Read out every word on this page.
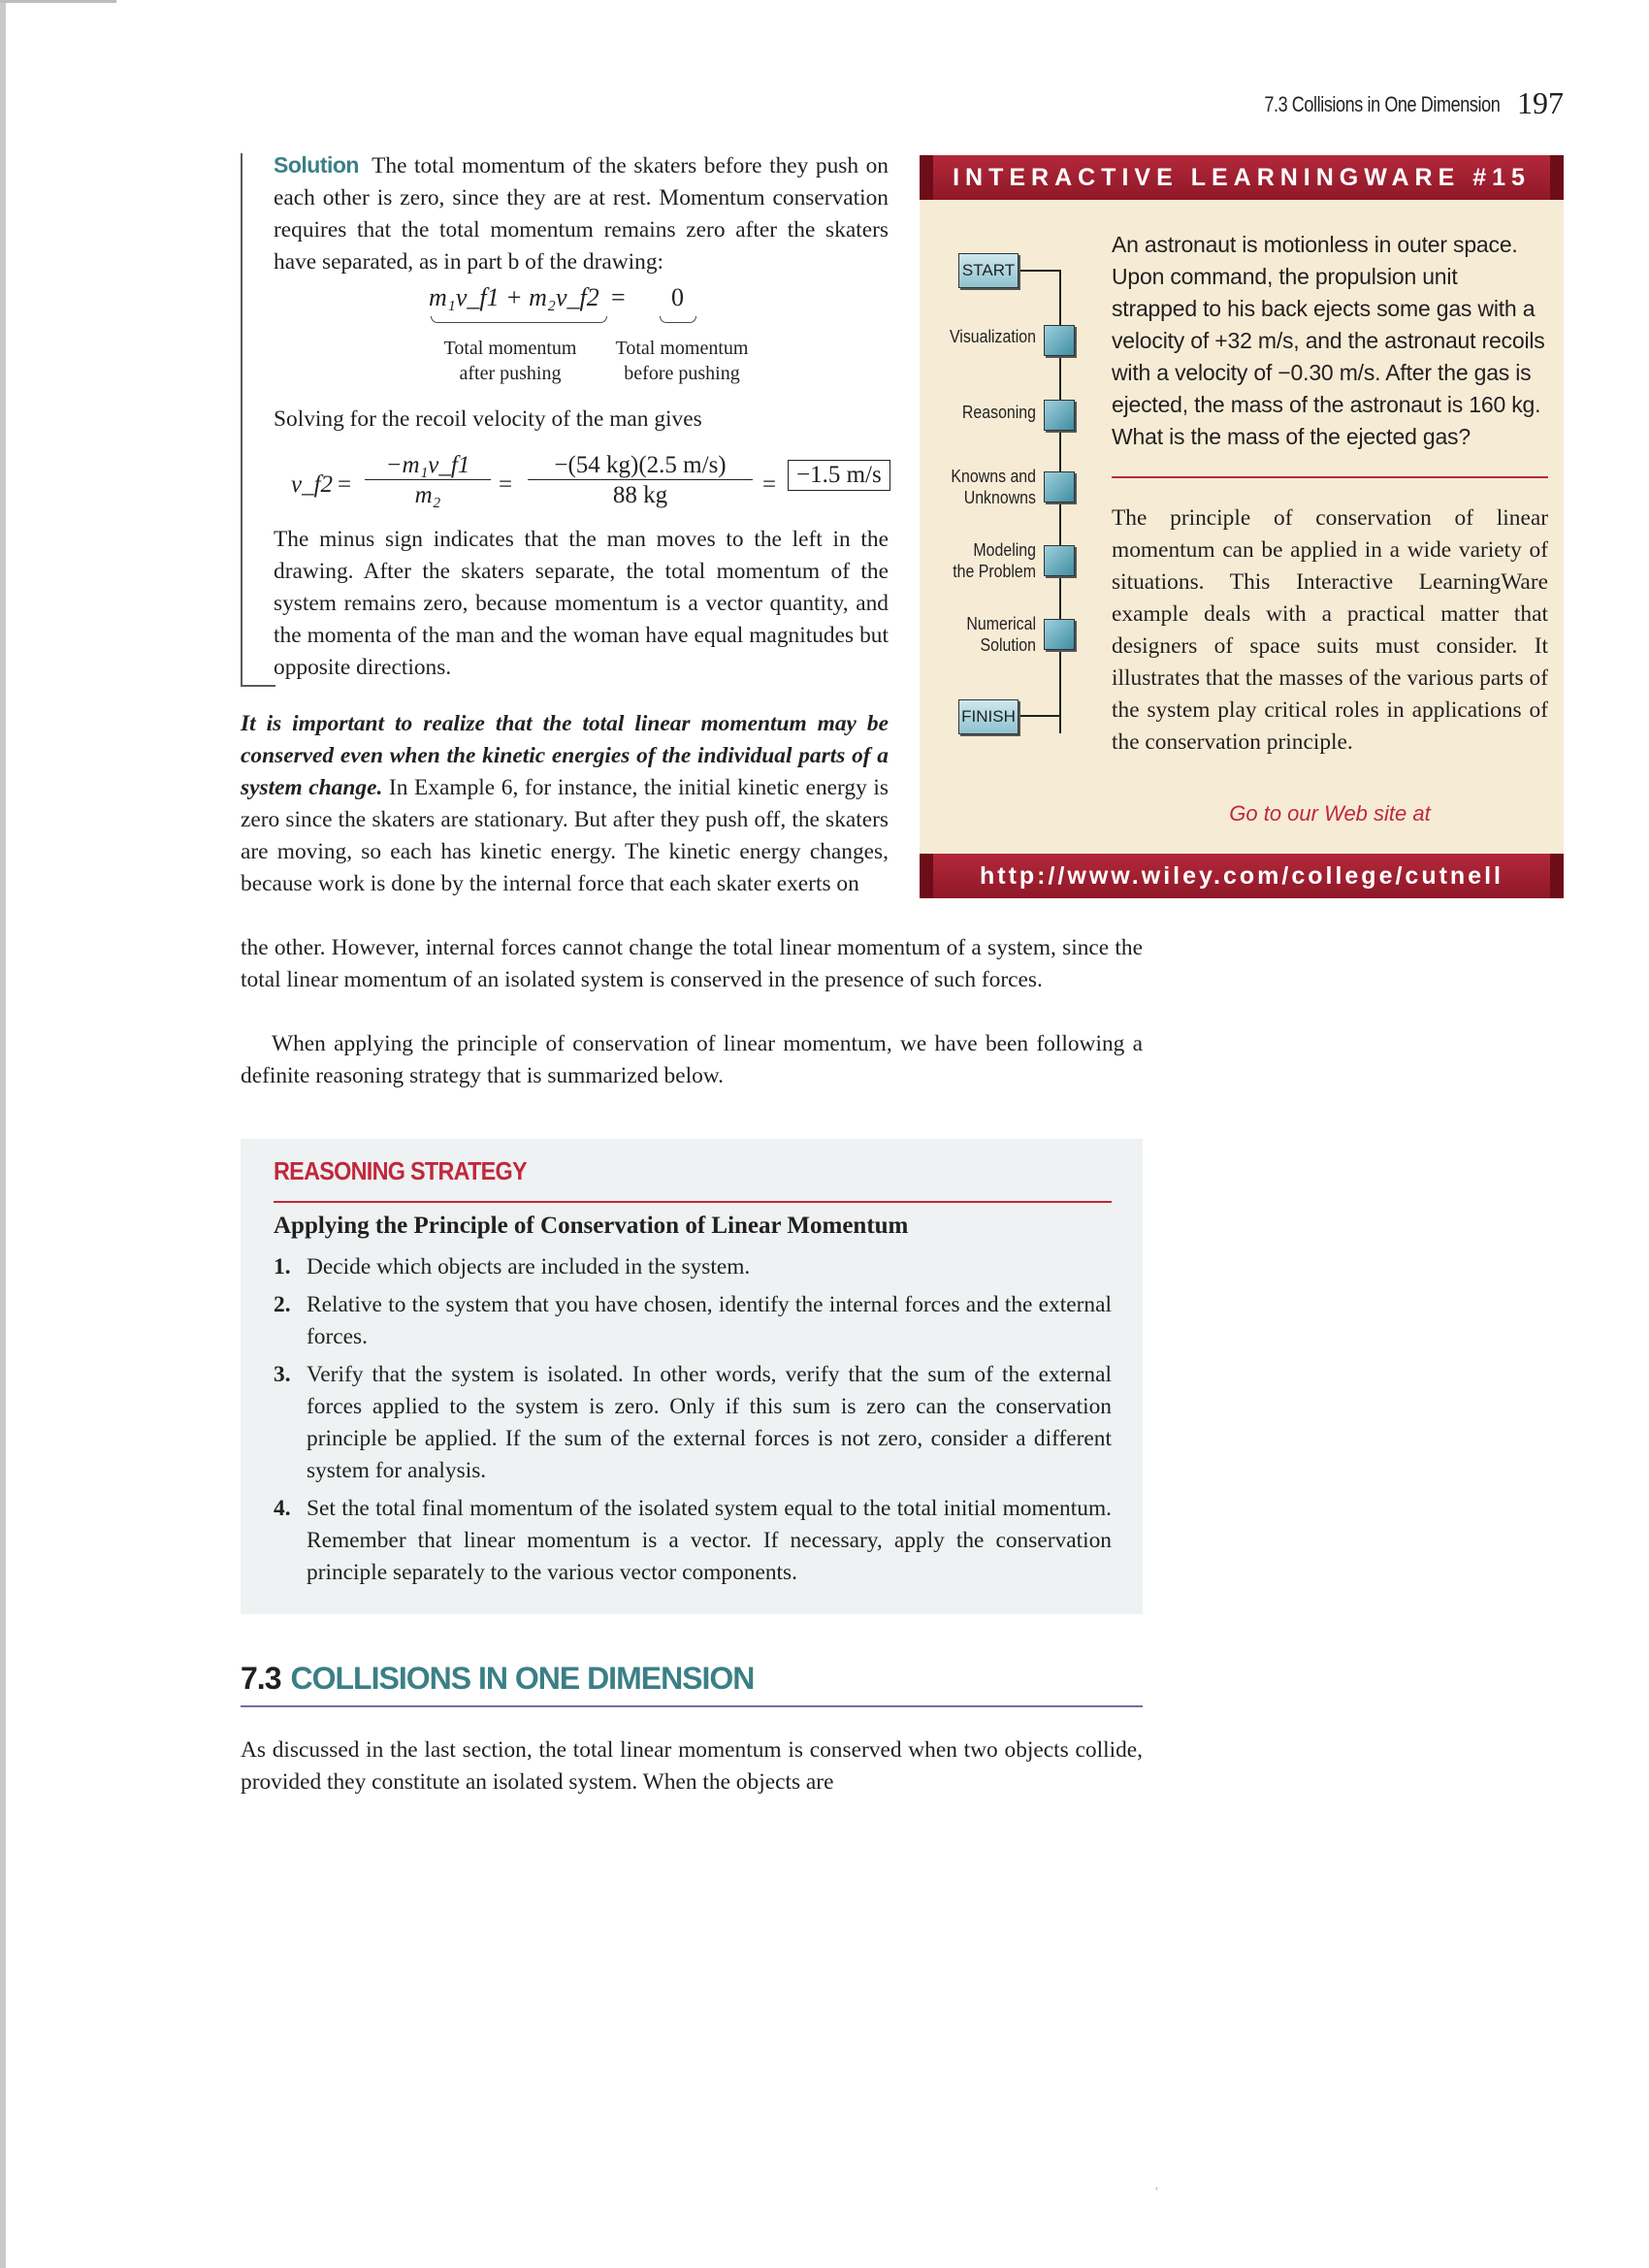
7.3 Collisions in One Dimension 197
Solution The total momentum of the skaters before they push on each other is zero, since they are at rest. Momentum conservation requires that the total momentum remains zero after the skaters have separated, as in part b of the drawing:
m₁v_f1 + m₂v_f2 = 0
Total momentum
after pushing
Total momentum
before pushing
Solving for the recoil velocity of the man gives
v_f2 = $\frac{\text{−m₁v\_f1}}{\text{m₂}} = \frac{-(54 kg)(2.5 m/s)}{88 kg} = -1.5$ m/s
The minus sign indicates that the man moves to the left in the drawing. After the skaters separate, the total momentum of the system remains zero, because momentum is a vector quantity, and the momenta of the man and the woman have equal magnitudes but opposite directions.
It is important to realize that the total linear momentum may be conserved even when the kinetic energies of the individual parts of a system change. In Example 6, for instance, the initial kinetic energy is zero since the skaters are stationary. But after they push off, the skaters are moving, so each has kinetic energy. The kinetic energy changes, because work is done by the internal force that each skater exerts on
the other. However, internal forces cannot change the total linear momentum of a system, since the total linear momentum of an isolated system is conserved in the presence of such forces.
When applying the principle of conservation of linear momentum, we have been following a definite reasoning strategy that is summarized below.
INTERACTIVE LEARNINGWARE #15
START
Visualization
Reasoning
Knowns and
Unknowns
Modeling
the Problem
Numerical
Solution
FINISH
An astronaut is motionless in outer space. Upon command, the propulsion unit strapped to his back ejects some gas with a velocity of +32 m/s, and the astronaut recoils with a velocity of −0.30 m/s. After the gas is ejected, the mass of the astronaut is 160 kg. What is the mass of the ejected gas?
The principle of conservation of linear momentum can be applied in a wide variety of situations. This Interactive LearningWare example deals with a practical matter that designers of space suits must consider. It illustrates that the masses of the various parts of the system play critical roles in applications of the conservation principle.
Go to our Web site at
http://www.wiley.com/college/cutnell
REASONING STRATEGY
Applying the Principle of Conservation of Linear Momentum
1. Decide which objects are included in the system.
2. Relative to the system that you have chosen, identify the internal forces and the external forces.
3. Verify that the system is isolated. In other words, verify that the sum of the external forces applied to the system is zero. Only if this sum is zero can the conservation principle be applied. If the sum of the external forces is not zero, consider a different system for analysis.
4. Set the total final momentum of the isolated system equal to the total initial momentum. Remember that linear momentum is a vector. If necessary, apply the conservation principle separately to the various vector components.
7.3 COLLISIONS IN ONE DIMENSION
As discussed in the last section, the total linear momentum is conserved when two objects collide, provided they constitute an isolated system. When the objects are
ʿ
